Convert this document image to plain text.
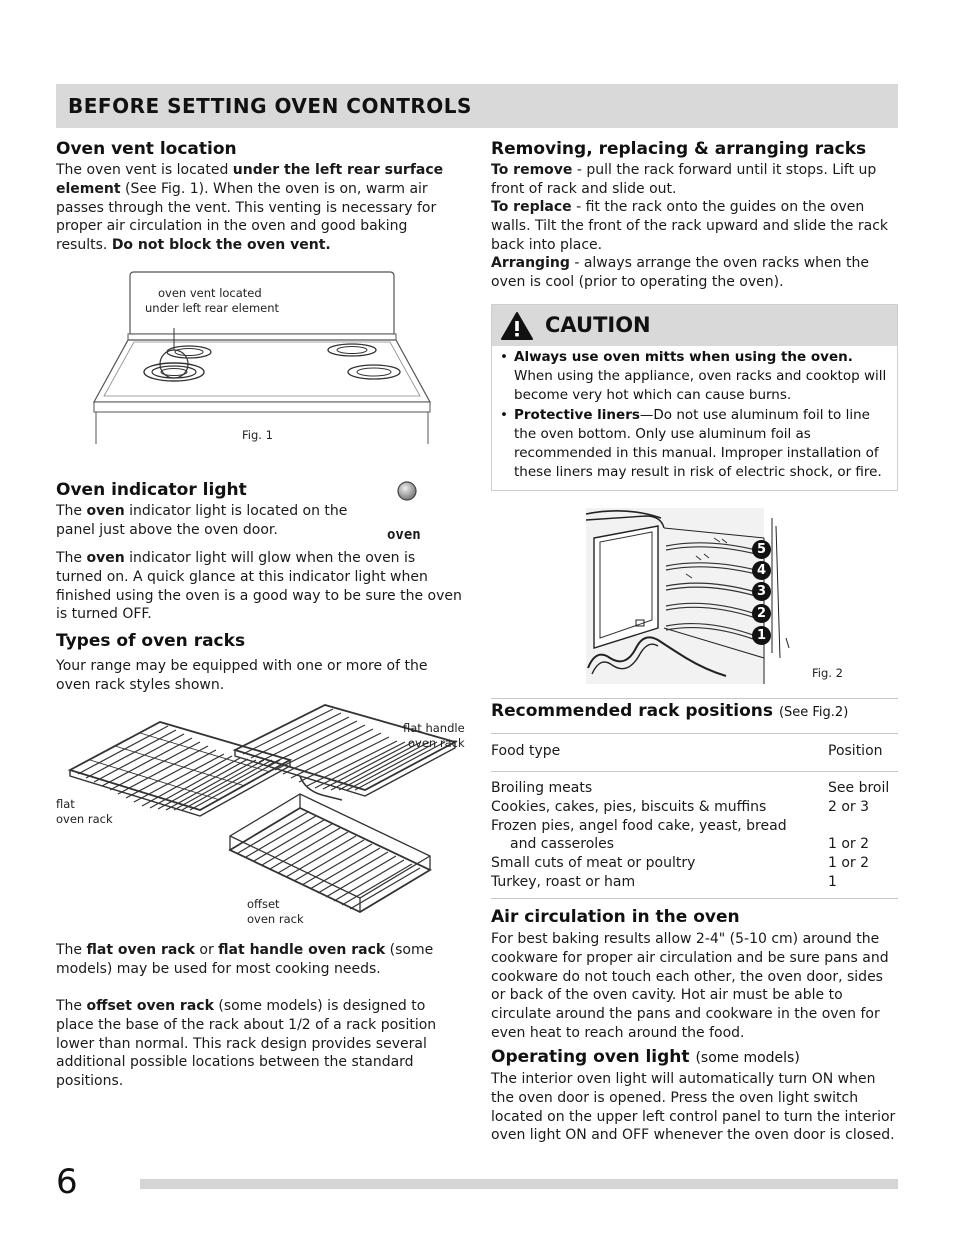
BEFORE SETTING OVEN CONTROLS
Oven vent location
The oven vent is located under the left rear surface element (See Fig. 1). When the oven is on, warm air passes through the vent. This venting is necessary for proper air circulation in the oven and good baking results. Do not block the oven vent.
oven vent located
under left rear element
Fig. 1
Oven indicator light
The oven indicator light is located on the panel just above the oven door.	oven
The oven indicator light will glow when the oven is turned on. A quick glance at this indicator light when finished using the oven is a good way to be sure the oven is turned OFF.
Types of oven racks
Your range may be equipped with one or more of the oven rack styles shown.
flat handle
oven rack
flat
oven rack
offset
oven rack
The flat oven rack or flat handle oven rack (some models) may be used for most cooking needs.
The offset oven rack (some models) is designed to place the base of the rack about 1/2 of a rack position lower than normal. This rack design provides several additional possible locations between the standard positions.
Removing, replacing & arranging racks
To remove - pull the rack forward until it stops. Lift up front of rack and slide out.
To replace - fit the rack onto the guides on the oven walls. Tilt the front of the rack upward and slide the rack back into place.
Arranging - always arrange the oven racks when the oven is cool (prior to operating the oven).
CAUTION
• Always use oven mitts when using the oven.
When using the appliance, oven racks and cooktop will become very hot which can cause burns.
• Protective liners—Do not use aluminum foil to line the oven bottom. Only use aluminum foil as recommended in this manual. Improper installation of these liners may result in risk of electric shock, or fire.
5
4
3
2
1
Fig. 2
Recommended rack positions (See Fig.2)
Food type	Position
Broiling meats	See broil
Cookies, cakes, pies, biscuits & muffins	2 or 3
Frozen pies, angel food cake, yeast, bread
and casseroles	1 or 2
Small cuts of meat or poultry	1 or 2
Turkey, roast or ham	1
Air circulation in the oven
For best baking results allow 2-4" (5-10 cm) around the cookware for proper air circulation and be sure pans and cookware do not touch each other, the oven door, sides or back of the oven cavity. Hot air must be able to circulate around the pans and cookware in the oven for even heat to reach around the food.
Operating oven light (some models)
The interior oven light will automatically turn ON when the oven door is opened. Press the oven light switch located on the upper left control panel to turn the interior oven light ON and OFF whenever the oven door is closed.
6
